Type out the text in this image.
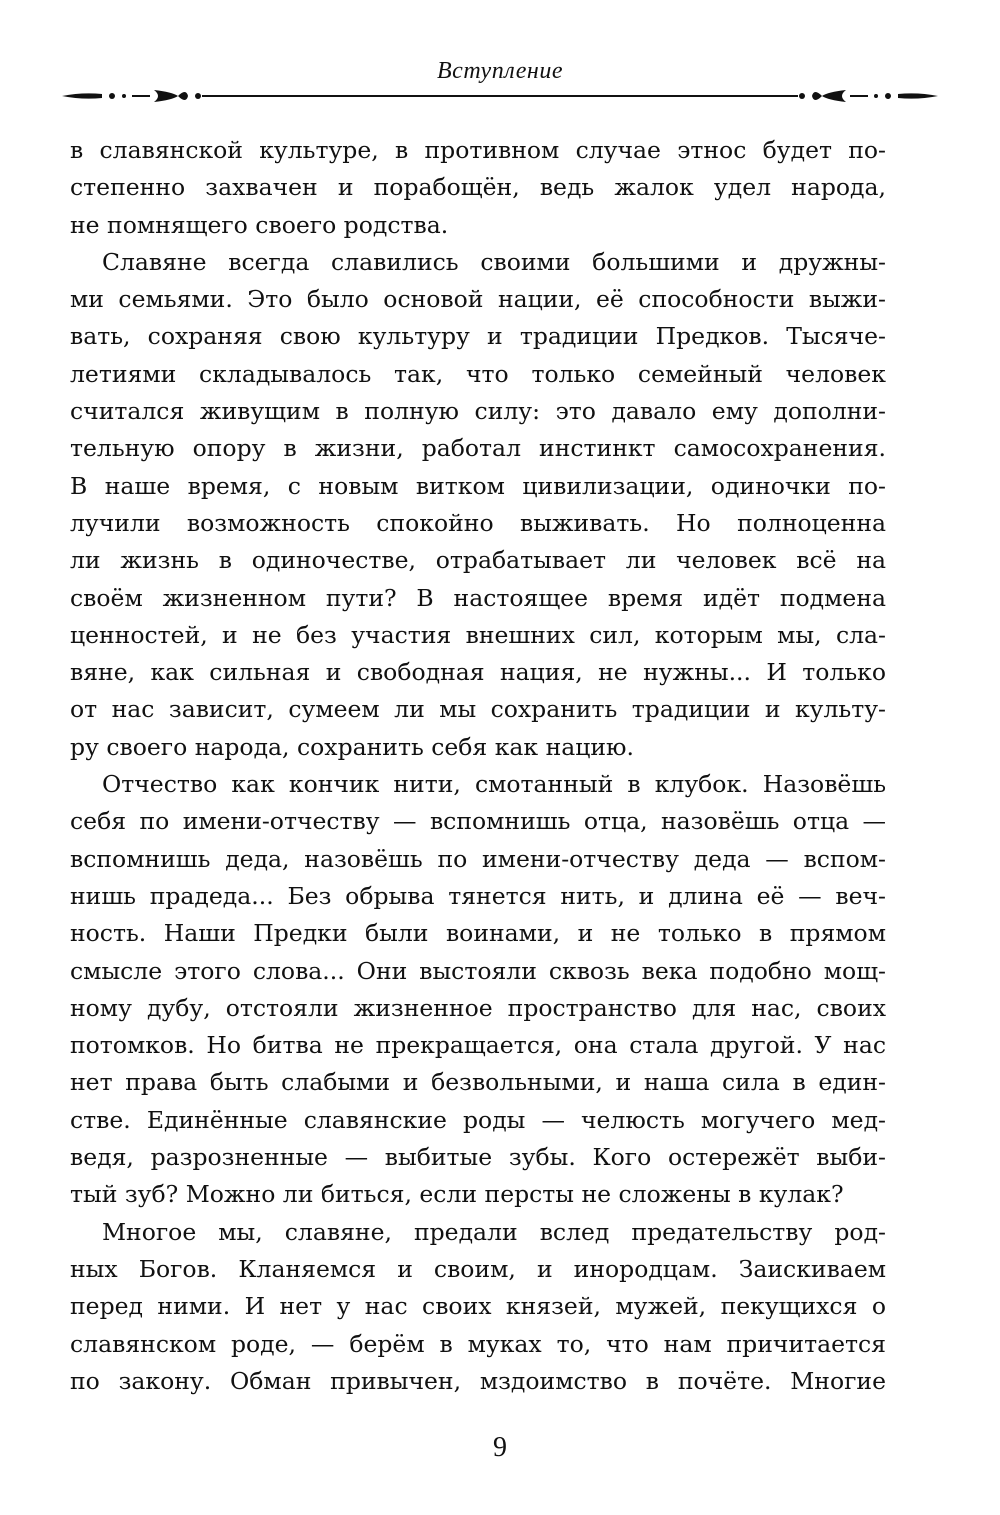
Вступление
в славянской культуре, в противном случае этнос будет по-
степенно захвачен и порабощён, ведь жалок удел народа,
не помнящего своего родства.
Славяне всегда славились своими большими и дружны-
ми семьями. Это было основой нации, её способности выжи-
вать, сохраняя свою культуру и традиции Предков. Тысяче-
летиями складывалось так, что только семейный человек
считался живущим в полную силу: это давало ему дополни-
тельную опору в жизни, работал инстинкт самосохранения.
В наше время, с новым витком цивилизации, одиночки по-
лучили возможность спокойно выживать. Но полноценна
ли жизнь в одиночестве, отрабатывает ли человек всё на
своём жизненном пути? В настоящее время идёт подмена
ценностей, и не без участия внешних сил, которым мы, сла-
вяне, как сильная и свободная нация, не нужны... И только
от нас зависит, сумеем ли мы сохранить традиции и культу-
ру своего народа, сохранить себя как нацию.
Отчество как кончик нити, смотанный в клубок. Назовёшь
себя по имени-отчеству — вспомнишь отца, назовёшь отца —
вспомнишь деда, назовёшь по имени-отчеству деда — вспом-
нишь прадеда... Без обрыва тянется нить, и длина её — веч-
ность. Наши Предки были воинами, и не только в прямом
смысле этого слова... Они выстояли сквозь века подобно мощ-
ному дубу, отстояли жизненное пространство для нас, своих
потомков. Но битва не прекращается, она стала другой. У нас
нет права быть слабыми и безвольными, и наша сила в един-
стве. Единённые славянские роды — челюсть могучего мед-
ведя, разрозненные — выбитые зубы. Кого остережёт выби-
тый зуб? Можно ли биться, если персты не сложены в кулак?
Многое мы, славяне, предали вслед предательству род-
ных Богов. Кланяемся и своим, и инородцам. Заискиваем
перед ними. И нет у нас своих князей, мужей, пекущихся о
славянском роде, — берём в муках то, что нам причитается
по закону. Обман привычен, мздоимство в почёте. Многие
9
